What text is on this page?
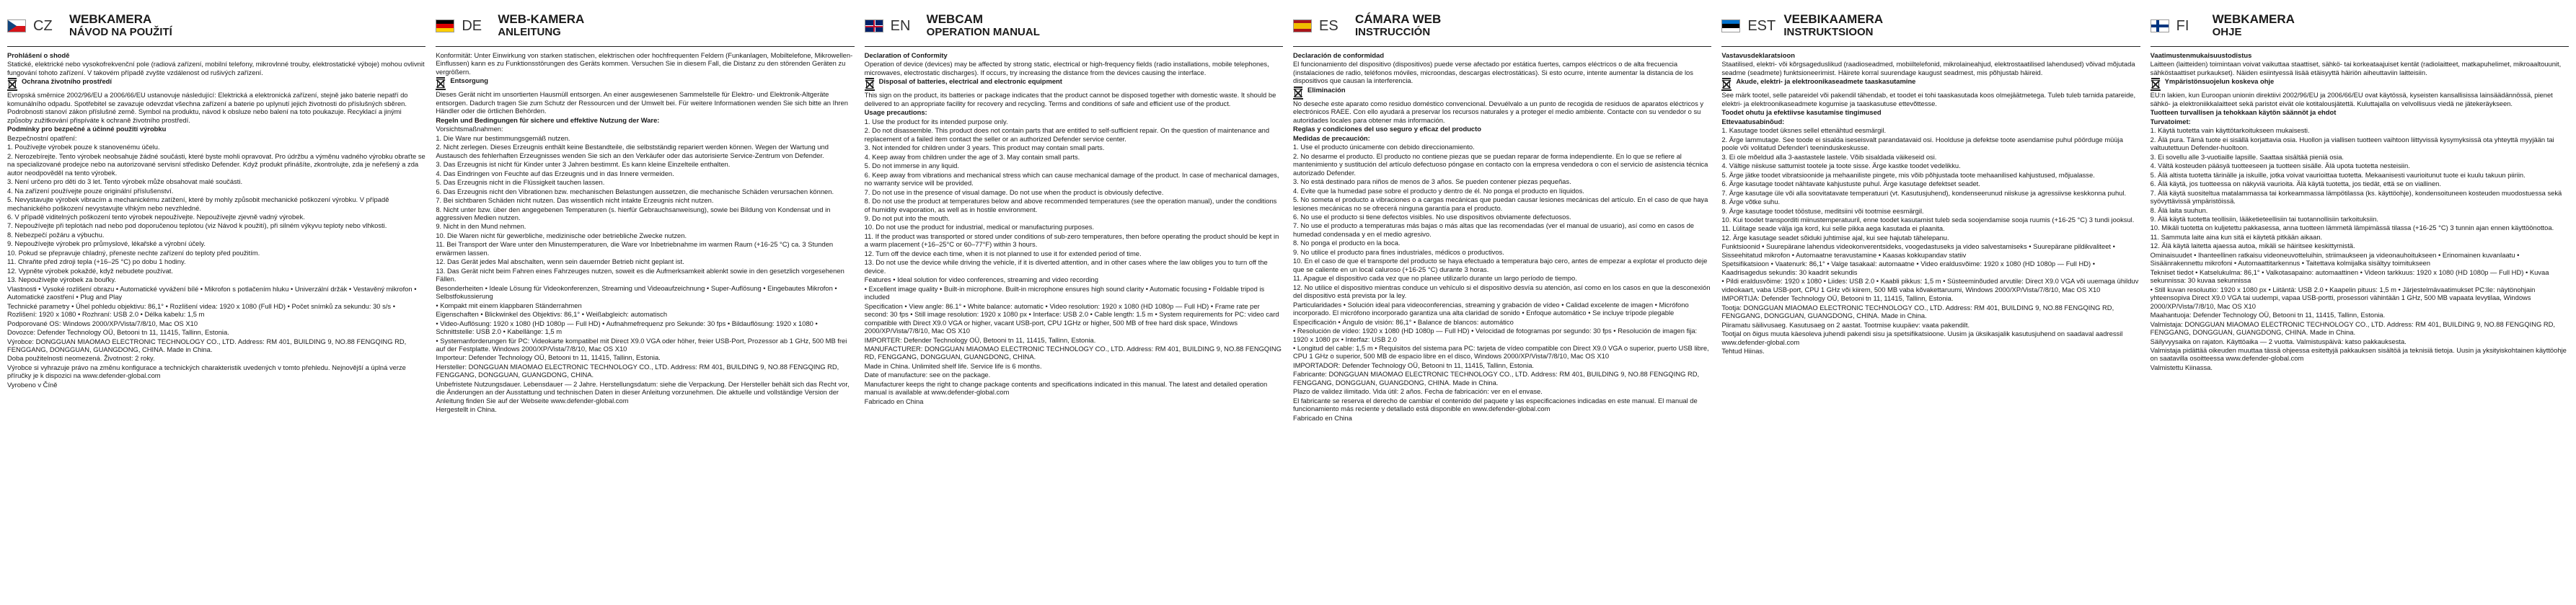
CZ	WEBKAMERA
NÁVOD NA POUŽITÍ

Prohlášení o shodě

Statické, elektrické nebo vysokofrekvenční pole (radiová zařízení, mobilní telefony, mikrovlnné trouby, elektrostatické výboje) mohou ovlivnit fungování tohoto zařízení. V takovém případě zvyšte vzdálenost od rušivých zařízení.

Ochrana životního prostředí

Evropská směrnice 2002/96/EU a 2006/66/EU ustanovuje následující: Elektrická a elektronická zařízení, stejně jako baterie nepatří do komunálního odpadu. Spotřebitel se zavazuje odevzdat všechna zařízení a baterie po uplynutí jejich životnosti do příslušných sběren. Podrobnosti stanoví zákon příslušné země. Symbol na produktu, návod k obsluze nebo balení na toto poukazuje. Recyklací a jinými způsoby zužitkování přispíváte k ochraně životního prostředí.

Podmínky pro bezpečné a účinné použití výrobku

Bezpečnostní opatření:

1. Používejte výrobek pouze k stanovenému účelu.

2. Nerozebírejte. Tento výrobek neobsahuje žádné součásti, které byste mohli opravovat. Pro údržbu a výměnu vadného výrobku obraťte se na specializované prodejce nebo na autorizované servisní středisko Defender. Když produkt přinášíte, zkontrolujte, zda je neřešený a zda autor neodpověděl na tento výrobek.

3. Není určeno pro děti do 3 let. Tento výrobek může obsahovat malé součásti.

4. Na zařízení používejte pouze originální příslušenství.

5. Nevystavujte výrobek vibracím a mechanickému zatížení, které by mohly způsobit mechanické poškození výrobku. V případě mechanického poškození nevystavujte vlhkým nebo nevzhledné.

6. V případě viditelných poškození tento výrobek nepoužívejte. Nepoužívejte zjevně vadný výrobek.

7. Nepoužívejte při teplotách nad nebo pod doporučenou teplotou (viz Návod k použití), při silném výkyvu teploty nebo vlhkosti.

8. Nebezpečí požáru a výbuchu.

9. Nepoužívejte výrobek pro průmyslové, lékařské a výrobní účely.

10. Pokud se přepravuje chladný, přeneste nechte zařízení do teploty před použitím.

11. Chraňte před zdroji tepla (+16–25 °C) po dobu 1 hodiny.

12. Vypněte výrobek pokaždé, když nebudete používat.

13. Nepoužívejte výrobek za bouřky.

Vlastnosti • Vysoké rozlišení obrazu • Automatické vyvážení bílé • Mikrofon s potlačením hluku • Univerzální držák • Vestavěný mikrofon • Automatické zaostření • Plug and Play

Technické parametry • Úhel pohledu objektivu: 86,1° • Rozlišení videa: 1920 x 1080 (Full HD) • Počet snímků za sekundu: 30 s/s • Rozlišení: 1920 x 1080 • Rozhraní: USB 2.0 • Délka kabelu: 1,5 m

Podporované OS: Windows 2000/XP/Vista/7/8/10, Mac OS X10

Dovozce: Defender Technology OÜ, Betooni tn 11, 11415, Tallinn, Estonia.

Výrobce: DONGGUAN MIAOMAO ELECTRONIC TECHNOLOGY CO., LTD. Address: RM 401, BUILDING 9, NO.88 FENGQING RD, FENGGANG, DONGGUAN, GUANGDONG, CHINA. Made in China.

Doba použitelnosti neomezená. Životnost: 2 roky.

Výrobce si vyhrazuje právo na změnu konfigurace a technických charakteristik uvedených v tomto přehledu. Nejnovější a úplná verze příručky je k dispozici na www.defender-global.com

Vyrobeno v Číně

DE	WEB-KAMERA
ANLEITUNG

Konformität: Unter Einwirkung von starken statischen, elektrischen oder hochfrequenten Feldern (Funkanlagen, Mobiltelefone, Mikrowellen-Einflussen) kann es zu Funktionsstörungen des Geräts kommen. Versuchen Sie in diesem Fall, die Distanz zu den störenden Geräten zu vergrößern.

Entsorgung

Dieses Gerät nicht im unsortierten Hausmüll entsorgen. An einer ausgewiesenen Sammelstelle für Elektro- und Elektronik-Altgeräte entsorgen. Dadurch tragen Sie zum Schutz der Ressourcen und der Umwelt bei. Für weitere Informationen wenden Sie sich bitte an Ihren Händler oder die örtlichen Behörden.

Regeln und Bedingungen für sichere und effektive Nutzung der Ware:

Vorsichtsmaßnahmen:

1. Die Ware nur bestimmungsgemäß nutzen.

2. Nicht zerlegen. Dieses Erzeugnis enthält keine Bestandteile, die selbstständig repariert werden können. Wegen der Wartung und Austausch des fehlerhaften Erzeugnisses wenden Sie sich an den Verkäufer oder das autorisierte Service-Zentrum von Defender.

3. Das Erzeugnis ist nicht für Kinder unter 3 Jahren bestimmt. Es kann kleine Einzelteile enthalten.

4. Das Eindringen von Feuchte auf das Erzeugnis und in das Innere vermeiden.

5. Das Erzeugnis nicht in die Flüssigkeit tauchen lassen.

6. Das Erzeugnis nicht den Vibrationen bzw. mechanischen Belastungen aussetzen, die mechanische Schäden verursachen können.

7. Bei sichtbaren Schäden nicht nutzen. Das wissentlich nicht intakte Erzeugnis nicht nutzen.

8. Nicht unter bzw. über den angegebenen Temperaturen (s. hierfür Gebrauchsanweisung), sowie bei Bildung von Kondensat und in aggressiven Medien nutzen.

9. Nicht in den Mund nehmen.

10. Die Waren nicht für gewerbliche, medizinische oder betriebliche Zwecke nutzen.

11. Bei Transport der Ware unter den Minustemperaturen, die Ware vor Inbetriebnahme im warmen Raum (+16-25 °C) ca. 3 Stunden erwärmen lassen.

12. Das Gerät jedes Mal abschalten, wenn sein dauernder Betrieb nicht geplant ist.

13. Das Gerät nicht beim Fahren eines Fahrzeuges nutzen, soweit es die Aufmerksamkeit ablenkt sowie in den gesetzlich vorgesehenen Fällen.

Besonderheiten • Ideale Lösung für Videokonferenzen, Streaming und Videoaufzeichnung • Super-Auflösung • Eingebautes Mikrofon • Selbstfokussierung

• Kompakt mit einem klappbaren Ständerrahmen

Eigenschaften • Blickwinkel des Objektivs: 86,1° • Weißabgleich: automatisch

• Video-Auflösung: 1920 x 1080 (HD 1080p — Full HD) • Aufnahmefrequenz pro Sekunde: 30 fps • Bildauflösung: 1920 x 1080 • Schnittstelle: USB 2.0 • Kabellänge: 1,5 m

• Systemanforderungen für PC: Videokarte kompatibel mit Direct X9.0 VGA oder höher, freier USB-Port, Prozessor ab 1 GHz, 500 MB frei auf der Festplatte. Windows 2000/XP/Vista/7/8/10, Mac OS X10

Importeur: Defender Technology OÜ, Betooni tn 11, 11415, Tallinn, Estonia.

Hersteller: DONGGUAN MIAOMAO ELECTRONIC TECHNOLOGY CO., LTD. Address: RM 401, BUILDING 9, NO.88 FENGQING RD, FENGGANG, DONGGUAN, GUANGDONG, CHINA.

Unbefristete Nutzungsdauer. Lebensdauer — 2 Jahre. Herstellungsdatum: siehe die Verpackung. Der Hersteller behält sich das Recht vor, die Änderungen an der Ausstattung und technischen Daten in dieser Anleitung vorzunehmen. Die aktuelle und vollständige Version der Anleitung finden Sie auf der Webseite www.defender-global.com

Hergestellt in China.

EN	WEBCAM
OPERATION MANUAL

Declaration of Conformity

Operation of device (devices) may be affected by strong static, electrical or high-frequency fields (radio installations, mobile telephones, microwaves, electrostatic discharges). If occurs, try increasing the distance from the devices causing the interface.

Disposal of batteries, electrical and electronic equipment

This sign on the product, its batteries or package indicates that the product cannot be disposed together with domestic waste. It should be delivered to an appropriate facility for recovery and recycling. Terms and conditions of safe and efficient use of the product.

Usage precautions:

1. Use the product for its intended purpose only.

2. Do not disassemble. This product does not contain parts that are entitled to self-sufficient repair. On the question of maintenance and replacement of a failed item contact the seller or an authorized Defender service center.

3. Not intended for children under 3 years. This product may contain small parts.

4. Keep away from children under the age of 3. May contain small parts.

5. Do not immerse in any liquid.

6. Keep away from vibrations and mechanical stress which can cause mechanical damage of the product. In case of mechanical damages, no warranty service will be provided.

7. Do not use in the presence of visual damage. Do not use when the product is obviously defective.

8. Do not use the product at temperatures below and above recommended temperatures (see the operation manual), under the conditions of humidity evaporation, as well as in hostile environment.

9. Do not put into the mouth.

10. Do not use the product for industrial, medical or manufacturing purposes.

11. If the product was transported or stored under conditions of sub-zero temperatures, then before operating the product should be kept in a warm placement (+16–25°C or 60–77°F) within 3 hours.

12. Turn off the device each time, when it is not planned to use it for extended period of time.

13. Do not use the device while driving the vehicle, if it is diverted attention, and in other cases where the law obliges you to turn off the device.

Features • Ideal solution for video conferences, streaming and video recording

• Excellent image quality • Built-in microphone. Built-in microphone ensures high sound clarity • Automatic focusing • Foldable tripod is included

Specification • View angle: 86.1° • White balance: automatic • Video resolution: 1920 x 1080 (HD 1080p — Full HD) • Frame rate per second: 30 fps • Still image resolution: 1920 x 1080 px • Interface: USB 2.0 • Cable length: 1.5 m • System requirements for PC: video card compatible with Direct X9.0 VGA or higher, vacant USB-port, CPU 1GHz or higher, 500 MB of free hard disk space, Windows 2000/XP/Vista/7/8/10, Mac OS X10

IMPORTER: Defender Technology OÜ, Betooni tn 11, 11415, Tallinn, Estonia.

MANUFACTURER: DONGGUAN MIAOMAO ELECTRONIC TECHNOLOGY CO., LTD. Address: RM 401, BUILDING 9, NO.88 FENGQING RD, FENGGANG, DONGGUAN, GUANGDONG, CHINA.

Made in China. Unlimited shelf life. Service life is 6 months.

Date of manufacture: see on the package.

Manufacturer keeps the right to change package contents and specifications indicated in this manual. The latest and detailed operation manual is available at www.defender-global.com

Fabricado en China

ES	CÁMARA WEB
INSTRUCCIÓN

Declaración de conformidad

El funcionamiento del dispositivo (dispositivos) puede verse afectado por estática fuertes, campos eléctricos o de alta frecuencia (instalaciones de radio, teléfonos móviles, microondas, descargas electrostáticas). Si esto ocurre, intente aumentar la distancia de los dispositivos que causan la interferencia.

Eliminación

No deseche este aparato como residuo doméstico convencional. Devuélvalo a un punto de recogida de residuos de aparatos eléctricos y electrónicos RAEE. Con ello ayudará a preservar los recursos naturales y a proteger el medio ambiente. Contacte con su vendedor o su autoridades locales para obtener más información.

Reglas y condiciones del uso seguro y eficaz del producto

Medidas de precaución:

1. Use el producto únicamente con debido direccionamiento.

2. No desarme el producto. El producto no contiene piezas que se puedan reparar de forma independiente. En lo que se refiere al mantenimiento y sustitución del artículo defectuoso póngase en contacto con la empresa vendedora o con el servicio de asistencia técnica autorizado Defender.

3. No está destinado para niños de menos de 3 años. Se pueden contener piezas pequeñas.

4. Evite que la humedad pase sobre el producto y dentro de él. No ponga el producto en líquidos.

5. No someta el producto a vibraciones o a cargas mecánicas que puedan causar lesiones mecánicas del artículo. En el caso de que haya lesiones mecánicas no se ofrecerá ninguna garantía para el producto.

6. No use el producto si tiene defectos visibles. No use dispositivos obviamente defectuosos.

7. No use el producto a temperaturas más bajas o más altas que las recomendadas (ver el manual de usuario), así como en casos de humedad condensada y en el medio agresivo.

8. No ponga el producto en la boca.

9. No utilice el producto para fines industriales, médicos o productivos.

10. En el caso de que el transporte del producto se haya efectuado a temperatura bajo cero, antes de empezar a explotar el producto deje que se caliente en un local caluroso (+16-25 °C) durante 3 horas.

11. Apague el dispositivo cada vez que no planee utilizarlo durante un largo período de tiempo.

12. No utilice el dispositivo mientras conduce un vehículo si el dispositivo desvía su atención, así como en los casos en que la desconexión del dispositivo está prevista por la ley.

Particularidades • Solución ideal para videoconferencias, streaming y grabación de vídeo • Calidad excelente de imagen • Micrófono incorporado. El micrófono incorporado garantiza una alta claridad de sonido • Enfoque automático • Se incluye trípode plegable

Especificación • Ángulo de visión: 86,1° • Balance de blancos: automático

• Resolución de vídeo: 1920 x 1080 (HD 1080p — Full HD) • Velocidad de fotogramas por segundo: 30 fps • Resolución de imagen fija: 1920 x 1080 px • Interfaz: USB 2.0

• Longitud del cable: 1,5 m • Requisitos del sistema para PC: tarjeta de vídeo compatible con Direct X9.0 VGA o superior, puerto USB libre, CPU 1 GHz o superior, 500 MB de espacio libre en el disco, Windows 2000/XP/Vista/7/8/10, Mac OS X10

IMPORTADOR: Defender Technology OÜ, Betooni tn 11, 11415, Tallinn, Estonia.

Fabricante: DONGGUAN MIAOMAO ELECTRONIC TECHNOLOGY CO., LTD. Address: RM 401, BUILDING 9, NO.88 FENGQING RD, FENGGANG, DONGGUAN, GUANGDONG, CHINA. Made in China.

Plazo de validez ilimitado. Vida útil: 2 años. Fecha de fabricación: ver en el envase.

El fabricante se reserva el derecho de cambiar el contenido del paquete y las especificaciones indicadas en este manual. El manual de funcionamiento más reciente y detallado está disponible en www.defender-global.com

Fabricado en China

EST VEEBIKAAMERA
INSTRUKTSIOON

Vastavusdeklaratsioon

Staatilised, elektri- või kõrgsageduslikud (raadioseadmed, mobiiltelefonid, mikrolaineahjud, elektrostaatilised lahendused) võivad mõjutada seadme (seadmete) funktsioneerimist. Häirete korral suurendage kaugust seadmest, mis põhjustab häireid.

Akude, elektri- ja elektroonikaseadmete taaskasutamine

See märk tootel, selle patareidel või pakendil tähendab, et toodet ei tohi taaskasutada koos olmejäätmetega. Tuleb tuleb tarnida patareide, elektri- ja elektroonikaseadmete kogumise ja taaskasutuse ettevõttesse.

Toodet ohutu ja efektiivse kasutamise tingimused

Ettevaatusabinõud:

1. Kasutage toodet üksnes sellel ettenähtud eesmärgil.

2. Ärge lammutage. See toode ei sisalda iseseisvalt parandatavaid osi. Hoolduse ja defektse toote asendamise puhul pöörduge müüja poole või volitatud Defender'i teeninduskeskusse.

3. Ei ole mõeldud alla 3-aastastele lastele. Võib sisaldada väikeseid osi.

4. Vältige niiskuse sattumist tootele ja toote sisse. Ärge kastke toodet vedelikku.

5. Ärge jätke toodet vibratsioonide ja mehaaniliste pingete, mis võib põhjustada toote mehaanilised kahjustused, mõjualasse.

6. Ärge kasutage toodet nähtavate kahjustuste puhul. Ärge kasutage defektset seadet.

7. Ärge kasutage üle või alla soovitatavate temperatuuri (vt. Kasutusjuhend), kondenseerunud niiskuse ja agressiivse keskkonna puhul.

8. Ärge võtke suhu.

9. Ärge kasutage toodet tööstuse, meditsiini või tootmise eesmärgil.

10. Kui toodet transporditi miinustemperatuuril, enne toodet kasutamist tuleb seda soojendamise sooja ruumis (+16-25 °C) 3 tundi jooksul.

11. Lülitage seade välja iga kord, kui selle pikka aega kasutada ei plaanita.

12. Ärge kasutage seadet sõiduki juhtimise ajal, kui see hajutab tähelepanu.

Funktsioonid • Suurepärane lahendus videokonverentsideks, voogedastuseks ja video salvestamiseks • Suurepärane pildikvaliteet • Sisseehitatud mikrofon • Automaatne teravustamine • Kaasas kokkupandav statiiv

Spetsifikatsioon • Vaatenurk: 86,1° • Valge tasakaal: automaatne • Video eraldusvõime: 1920 x 1080 (HD 1080p — Full HD) • Kaadrisagedus sekundis: 30 kaadrit sekundis

• Pildi eraldusvõime: 1920 x 1080 • Liides: USB 2.0 • Kaabli pikkus: 1,5 m • Süsteeminõuded arvutile: Direct X9.0 VGA või uuemaga ühilduv videokaart, vaba USB-port, CPU 1 GHz või kiirem, 500 MB vaba kõvakettaruumi, Windows 2000/XP/Vista/7/8/10, Mac OS X10

IMPORTIJA: Defender Technology OÜ, Betooni tn 11, 11415, Tallinn, Estonia.

Tootja: DONGGUAN MIAOMAO ELECTRONIC TECHNOLOGY CO., LTD. Address: RM 401, BUILDING 9, NO.88 FENGQING RD, FENGGANG, DONGGUAN, GUANGDONG, CHINA. Made in China.

Piiramatu säilivusaeg. Kasutusaeg on 2 aastat. Tootmise kuupäev: vaata pakendilt.

Tootjal on õigus muuta käesoleva juhendi pakendi sisu ja spetsifikatsioone. Uusim ja üksikasjalik kasutusjuhend on saadaval aadressil www.defender-global.com

Tehtud Hiinas.

FI	WEBKAMERA
OHJE

Vaatimustenmukaisuustodistus

Laitteen (laitteiden) toimintaan voivat vaikuttaa staattiset, sähkö- tai korkeataajuiset kentät (radiolaitteet, matkapuhelimet, mikroaaltouunit, sähköstaattiset purkaukset). Näiden esiintyessä lisää etäisyyttä häiriön aiheuttaviin laitteisiin.

Ympäristönsuojelun koskeva ohje

EU:n lakien, kun Euroopan unionin direktiivi 2002/96/EU ja 2006/66/EU ovat käytössä, kyseisten kansallisissa lainsäädännössä, pienet sähkö- ja elektroniikkalaitteet sekä paristot eivät ole kotitalousjätettä. Kuluttajalla on velvollisuus viedä ne jätekeräykseen.

Tuotteen turvallisen ja tehokkaan käytön säännöt ja ehdot

Turvatoimet:

1. Käytä tuotetta vain käyttötarkoitukseen mukaisesti.

2. Älä pura. Tämä tuote ei sisällä korjattavia osia. Huollon ja viallisen tuotteen vaihtoon liittyvissä kysymyksissä ota yhteyttä myyjään tai valtuutettuun Defender-huoltoon.

3. Ei sovellu alle 3-vuotiaille lapsille. Saattaa sisältää pieniä osia.

4. Vältä kosteuden pääsyä tuotteeseen ja tuotteen sisälle. Älä upota tuotetta nesteisiin.

5. Älä altista tuotetta tärinälle ja iskuille, jotka voivat vaurioittaa tuotetta. Mekaanisesti vaurioitunut tuote ei kuulu takuun piiriin.

6. Älä käytä, jos tuotteessa on näkyviä vaurioita. Älä käytä tuotetta, jos tiedät, että se on viallinen.

7. Älä käytä suositeltua matalammassa tai korkeammassa lämpötilassa (ks. käyttöohje), kondensoituneen kosteuden muodostuessa sekä syövyttävissä ympäristöissä.

8. Älä laita suuhun.

9. Älä käytä tuotetta teollisiin, lääketieteellisiin tai tuotannollisiin tarkoituksiin.

10. Mikäli tuotetta on kuljetettu pakkasessa, anna tuotteen lämmetä lämpimässä tilassa (+16-25 °C) 3 tunnin ajan ennen käyttöönottoa.

11. Sammuta laite aina kun sitä ei käytetä pitkään aikaan.

12. Älä käytä laitetta ajaessa autoa, mikäli se häiritsee keskittymistä.

Ominaisuudet • Ihanteellinen ratkaisu videoneuvotteluihin, striimaukseen ja videonauhoitukseen • Erinomainen kuvanlaatu • Sisäänrakennettu mikrofoni • Automaattitarkennus • Taitettava kolmijalka sisältyy toimitukseen

Tekniset tiedot • Katselukulma: 86,1° • Valkotasapaino: automaattinen • Videon tarkkuus: 1920 x 1080 (HD 1080p — Full HD) • Kuvaa sekunnissa: 30 kuvaa sekunnissa

• Still kuvan resoluutio: 1920 x 1080 px • Liitäntä: USB 2.0 • Kaapelin pituus: 1,5 m • Järjestelmävaatimukset PC:lle: näytönohjain yhteensopiva Direct X9.0 VGA tai uudempi, vapaa USB-portti, prosessori vähintään 1 GHz, 500 MB vapaata levytilaa, Windows 2000/XP/Vista/7/8/10, Mac OS X10

Maahantuoja: Defender Technology OÜ, Betooni tn 11, 11415, Tallinn, Estonia.

Valmistaja: DONGGUAN MIAOMAO ELECTRONIC TECHNOLOGY CO., LTD. Address: RM 401, BUILDING 9, NO.88 FENGQING RD, FENGGANG, DONGGUAN, GUANGDONG, CHINA. Made in China.

Säilyvyysaika on rajaton. Käyttöaika — 2 vuotta. Valmistuspäivä: katso pakkauksesta.

Valmistaja pidättää oikeuden muuttaa tässä ohjeessa esitettyjä pakkauksen sisältöä ja teknisiä tietoja. Uusin ja yksityiskohtainen käyttöohje on saatavilla osoitteessa www.defender-global.com

Valmistettu Kiinassa.
